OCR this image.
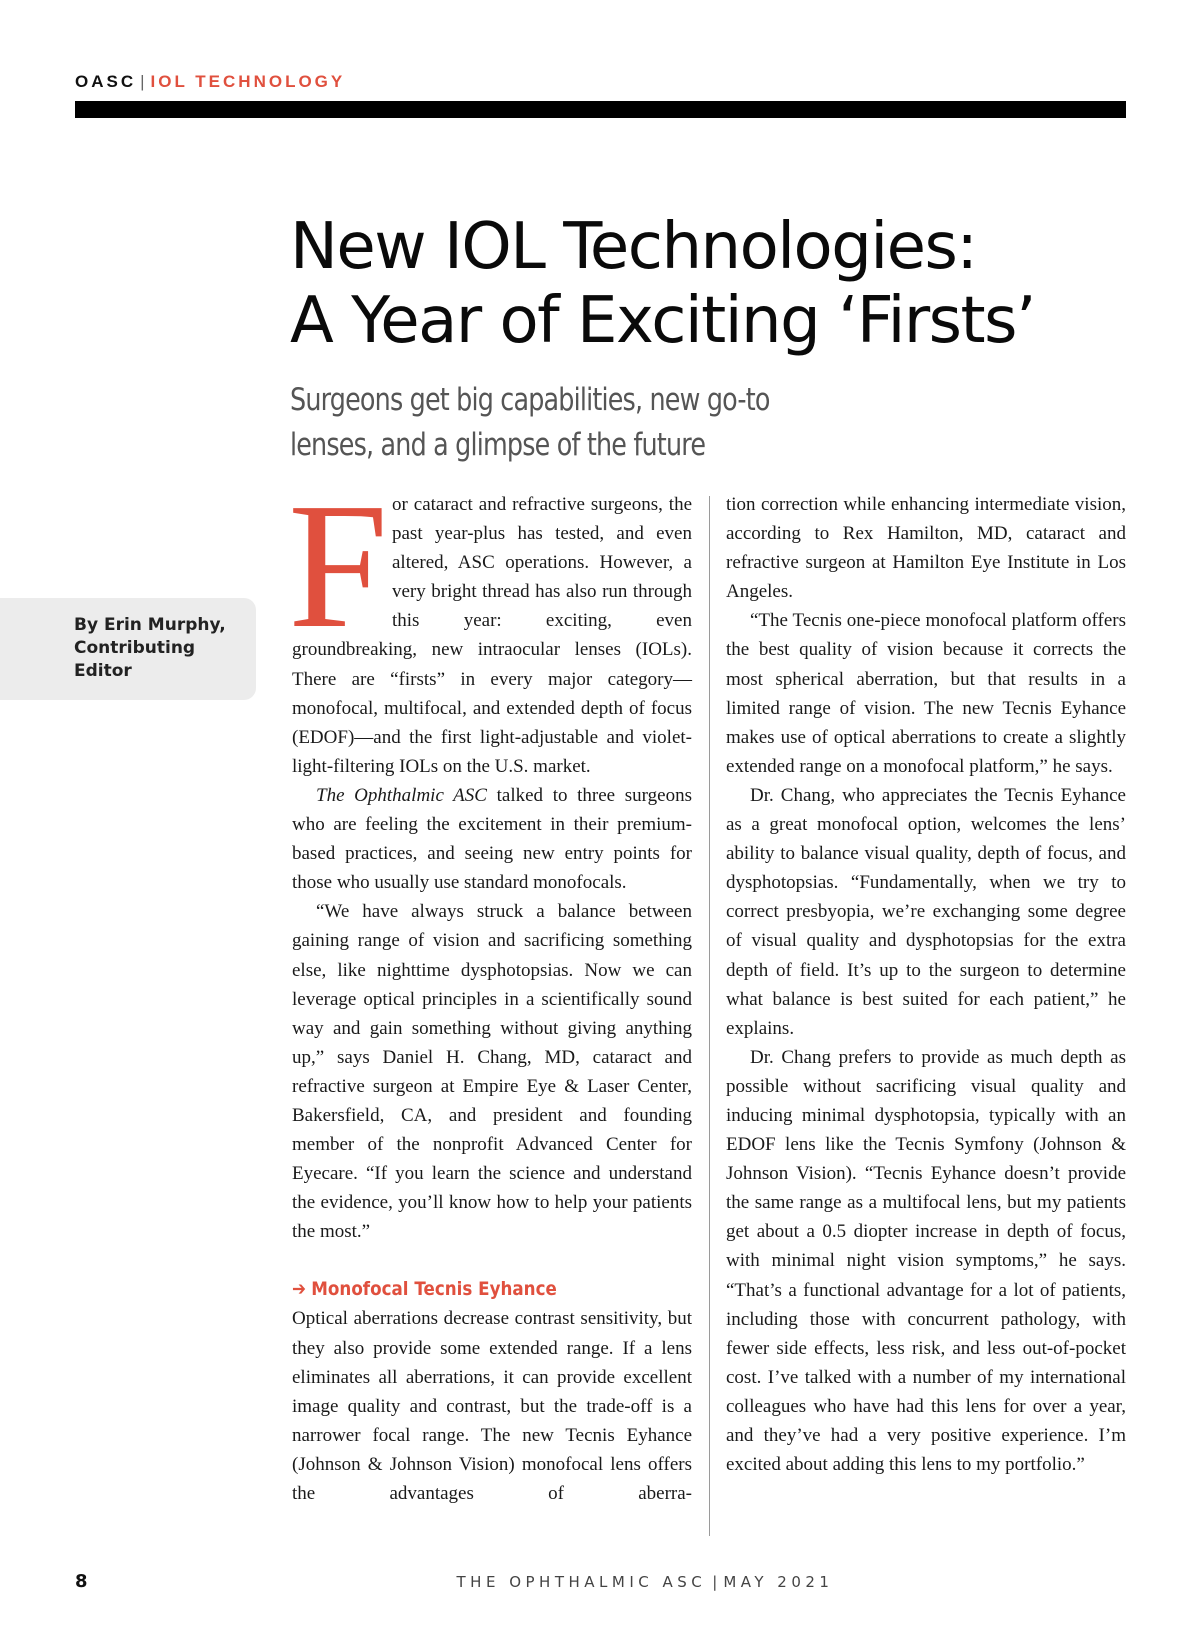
OASC | IOL TECHNOLOGY
New IOL Technologies:
A Year of Exciting ‘Firsts’
Surgeons get big capabilities, new go-to
lenses, and a glimpse of the future
By Erin Murphy,
Contributing
Editor
F or cataract and refractive surgeons, the past year-plus has tested, and even altered, ASC operations. However, a very bright thread has also run through this year: exciting, even groundbreaking, new intraocular lenses (IOLs). There are “firsts” in every major category—monofocal, multifocal, and extended depth of focus (EDOF)—and the first light-adjustable and violet-light-filtering IOLs on the U.S. market.

The Ophthalmic ASC talked to three surgeons who are feeling the excitement in their premium-based practices, and seeing new entry points for those who usually use standard monofocals.

“We have always struck a balance between gaining range of vision and sacrificing something else, like nighttime dysphotopsias. Now we can leverage optical principles in a scientifically sound way and gain something without giving anything up,” says Daniel H. Chang, MD, cataract and refractive surgeon at Empire Eye & Laser Center, Bakersfield, CA, and president and founding member of the nonprofit Advanced Center for Eyecare. “If you learn the science and understand the evidence, you’ll know how to help your patients the most.”

➔ Monofocal Tecnis Eyhance

Optical aberrations decrease contrast sensitivity, but they also provide some extended range. If a lens eliminates all aberrations, it can provide excellent image quality and contrast, but the trade-off is a narrower focal range. The new Tecnis Eyhance (Johnson & Johnson Vision) monofocal lens offers the advantages of aberra-

tion correction while enhancing intermediate vision, according to Rex Hamilton, MD, cataract and refractive surgeon at Hamilton Eye Institute in Los Angeles.

“The Tecnis one-piece monofocal platform offers the best quality of vision because it corrects the most spherical aberration, but that results in a limited range of vision. The new Tecnis Eyhance makes use of optical aberrations to create a slightly extended range on a monofocal platform,” he says.

Dr. Chang, who appreciates the Tecnis Eyhance as a great monofocal option, welcomes the lens’ ability to balance visual quality, depth of focus, and dysphotopsias. “Fundamentally, when we try to correct presbyopia, we’re exchanging some degree of visual quality and dysphotopsias for the extra depth of field. It’s up to the surgeon to determine what balance is best suited for each patient,” he explains.

Dr. Chang prefers to provide as much depth as possible without sacrificing visual quality and inducing minimal dysphotopsia, typically with an EDOF lens like the Tecnis Symfony (Johnson & Johnson Vision). “Tecnis Eyhance doesn’t provide the same range as a multifocal lens, but my patients get about a 0.5 diopter increase in depth of focus, with minimal night vision symptoms,” he says. “That’s a functional advantage for a lot of patients, including those with concurrent pathology, with fewer side effects, less risk, and less out-of-pocket cost. I’ve talked with a number of my international colleagues who have had this lens for over a year, and they’ve had a very positive experience. I’m excited about adding this lens to my portfolio.”

8	THE OPHTHALMIC ASC | MAY 2021
